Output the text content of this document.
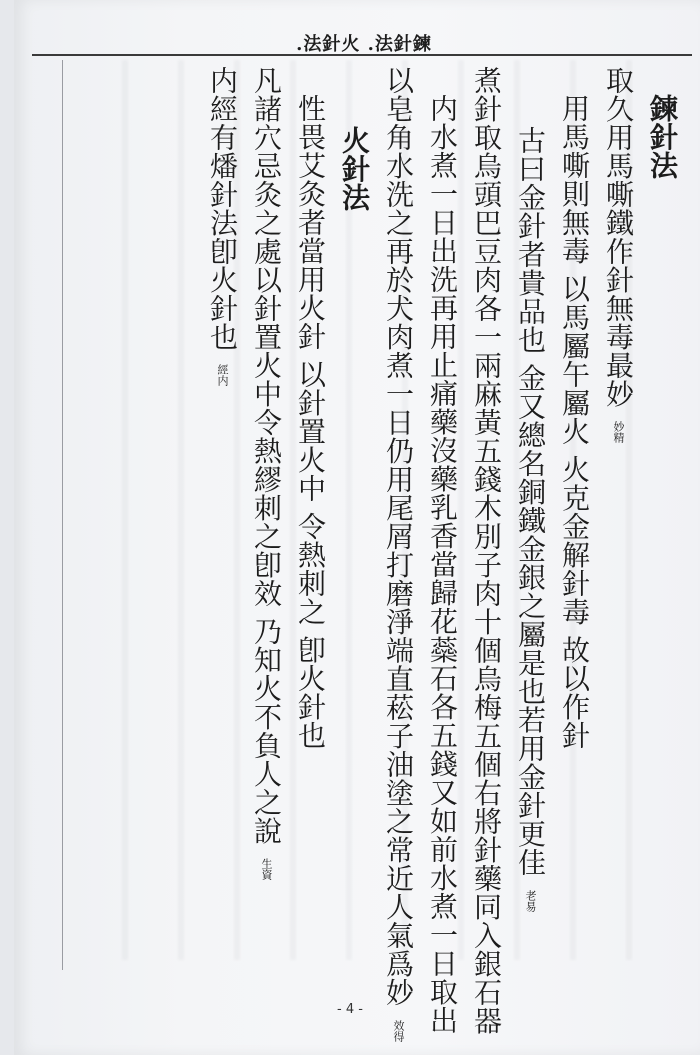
.法針火 .法針鍊
鍊針法
取久用馬嘶鐵作針無毒最妙 妙精
用馬嘶則無毒 以馬屬午屬火 火克金解針毒 故以作針
古曰金針者貴品也 金又總名銅鐵金銀之屬是也若用金針更佳 老易
煮針取烏頭巴豆肉各一兩麻黃五錢木別子肉十個烏梅五個右將針藥同入銀石器
内水煮一日出洗再用止痛藥沒藥乳香當歸花蘂石各五錢又如前水煮一日取出
以皂角水洗之再於犬肉煮一日仍用尾屑打磨淨端直菘子油塗之常近人氣爲妙 效得
火針法
性畏艾灸者當用火針 以針置火中 令熱刺之 卽火針也
凡諸穴忌灸之處以針置火中令熱繆刺之卽效 乃知火不負人之說 生資
内經有燔針法卽火針也 經内
- 4 -
